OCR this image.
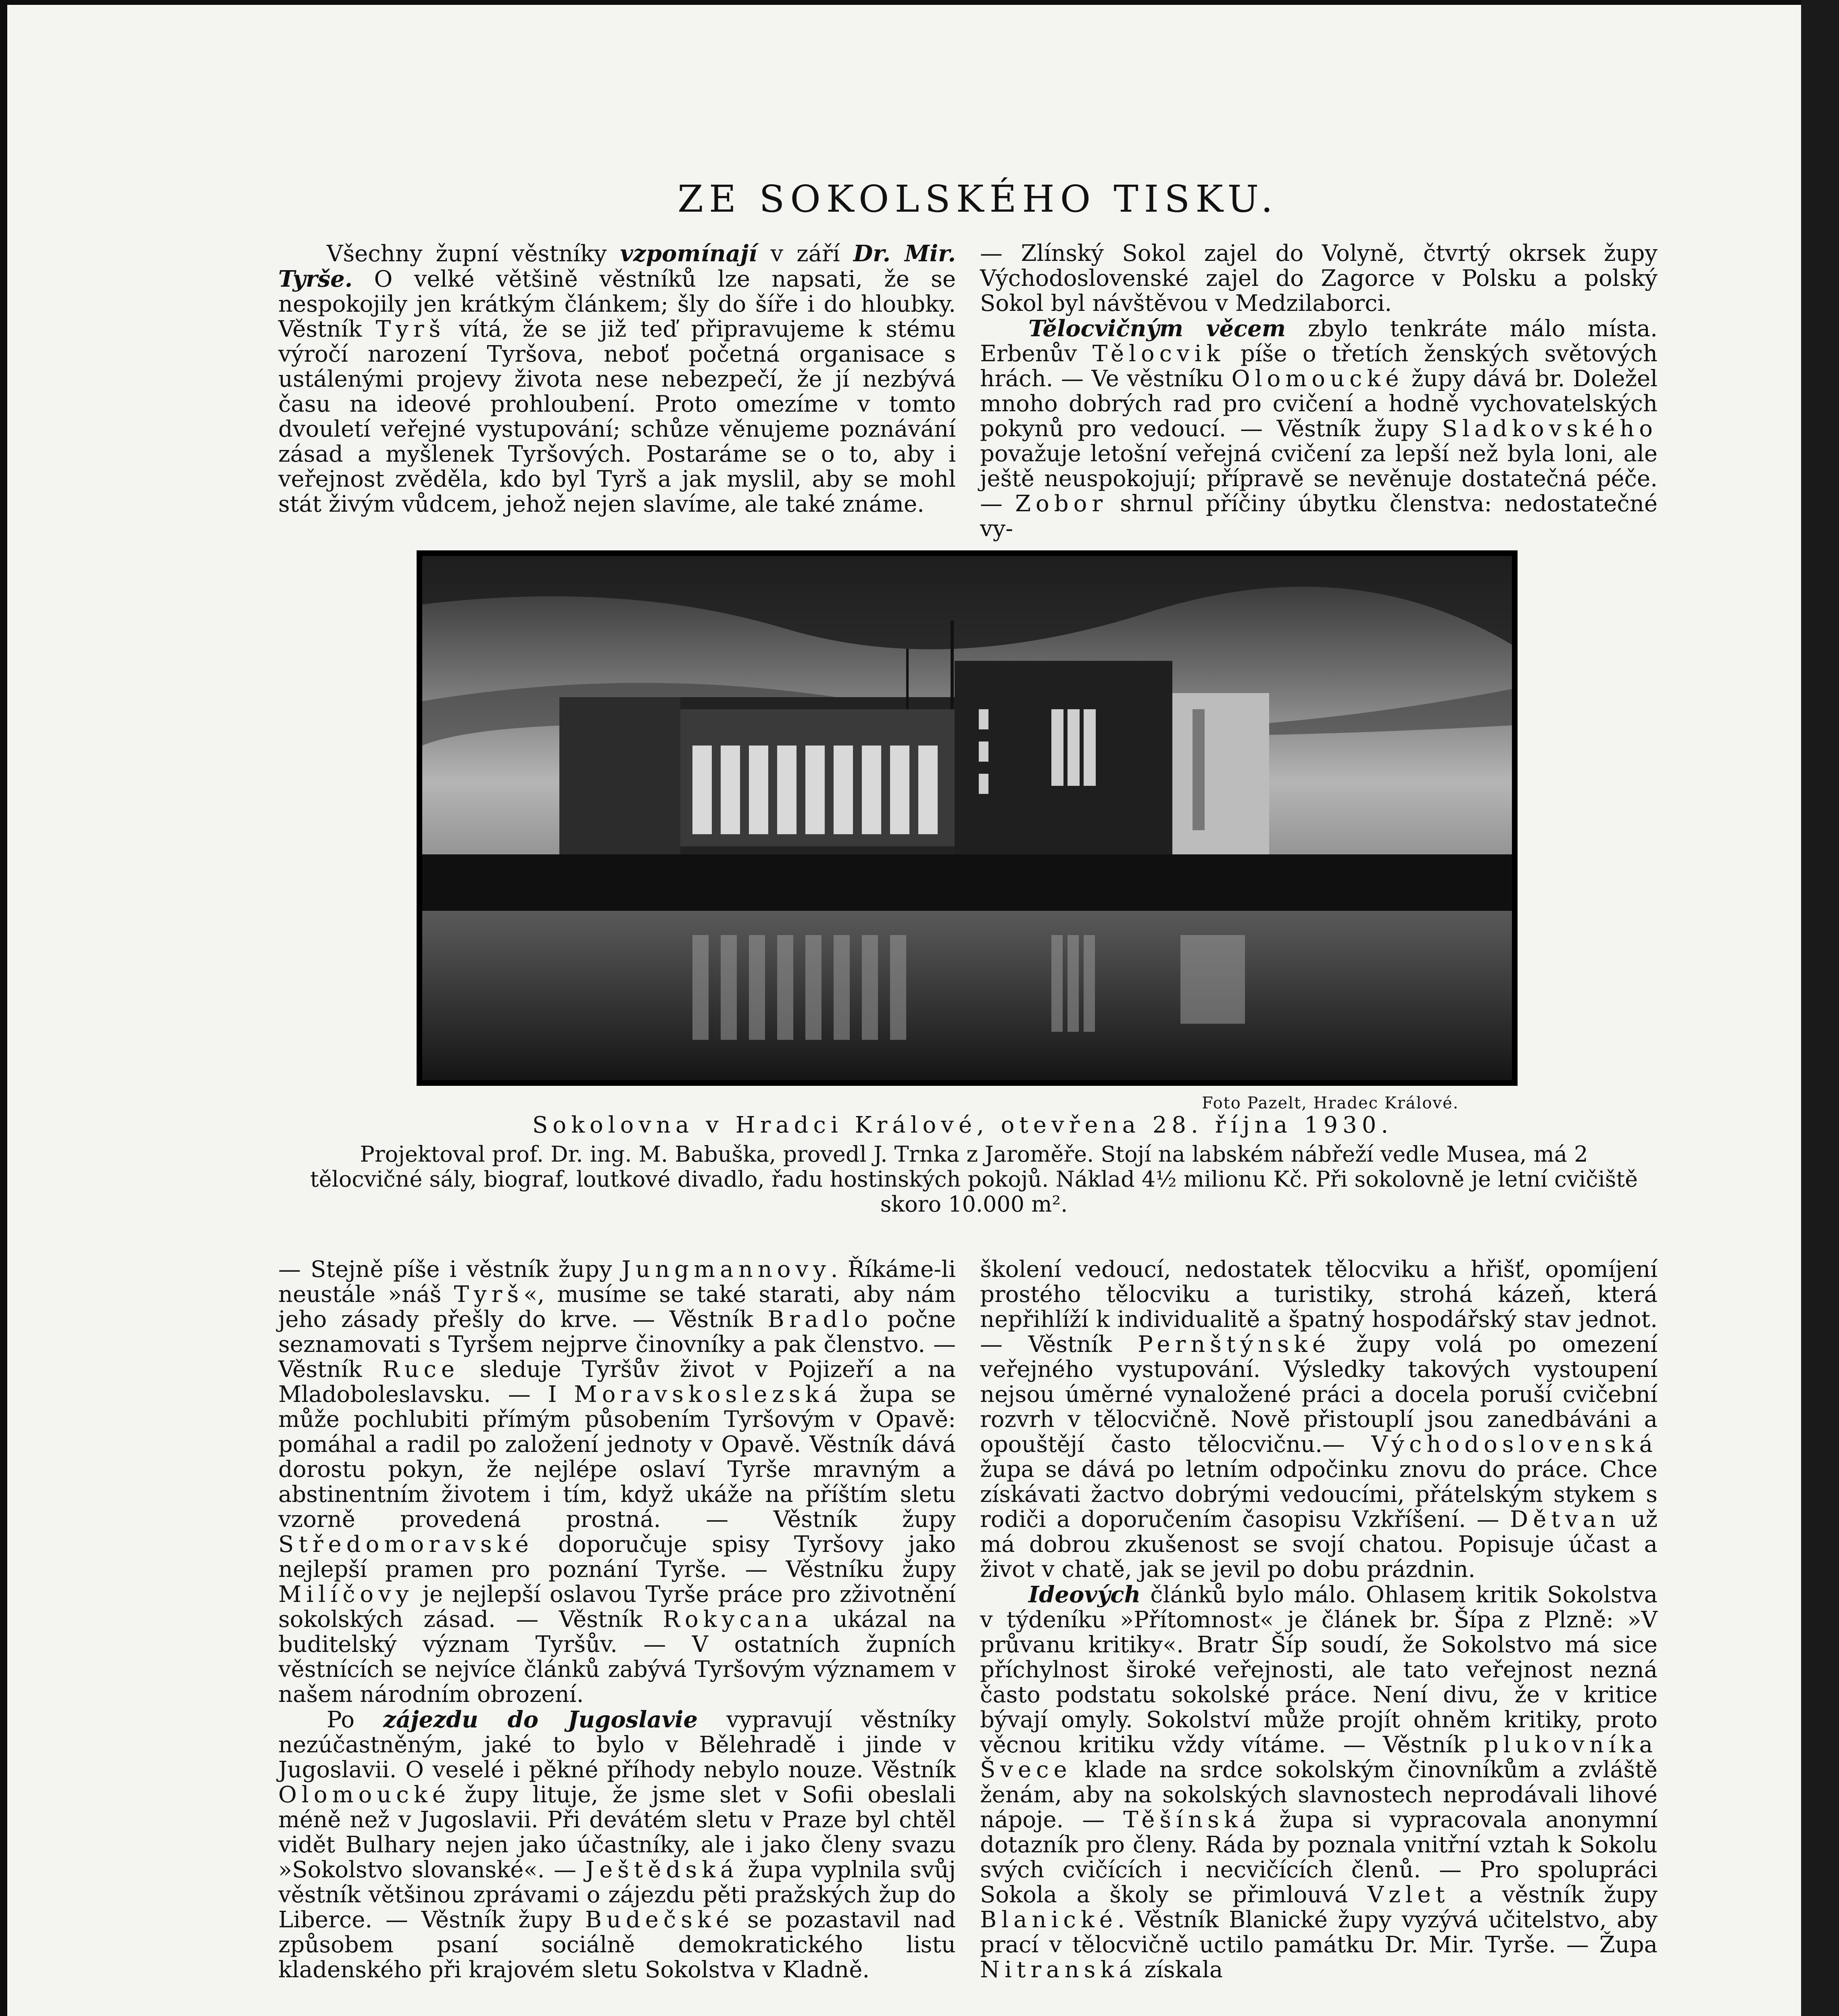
ZE SOKOLSKÉHO TISKU.

Všechny župní věstníky vzpomínají v září Dr. Mir. Tyrše. O velké většině věstníků lze napsati, že se nespokojily jen krátkým článkem; šly do šíře i do hloubky. Věstník Tyrš vítá, že se již teď připravujeme k stému výročí narození Tyršova, neboť početná organisace s ustálenými projevy života nese nebezpečí, že jí nezbývá času na ideové prohloubení. Proto omezíme v tomto dvouletí veřejné vystupování; schůze věnujeme poznávání zásad a myšlenek Tyršových. Postaráme se o to, aby i veřejnost zvěděla, kdo byl Tyrš a jak myslil, aby se mohl stát živým vůdcem, jehož nejen slavíme, ale také známe.

— Zlínský Sokol zajel do Volyně, čtvrtý okrsek župy Východoslovenské zajel do Zagorce v Polsku a polský Sokol byl návštěvou v Medzilaborci.

Tělocvičným věcem zbylo tenkráte málo místa. Erbenův Tělocvik píše o třetích ženských světových hrách. — Ve věstníku Olomoucké župy dává br. Doležel mnoho dobrých rad pro cvičení a hodně vychovatelských pokynů pro vedoucí. — Věstník župy Sladkovského považuje letošní veřejná cvičení za lepší než byla loni, ale ještě neuspokojují; přípravě se nevěnuje dostatečná péče. — Zobor shrnul příčiny úbytku členstva: nedostatečné vy-

Foto Pazelt, Hradec Králové.
Sokolovna v Hradci Králové, otevřena 28. října 1930.
Projektoval prof. Dr. ing. M. Babuška, provedl J. Trnka z Jaroměře. Stojí na labském nábřeží vedle Musea, má 2 tělocvičné sály, biograf, loutkové divadlo, řadu hostinských pokojů. Náklad 4½ milionu Kč. Při sokolovně je letní cvičiště skoro 10.000 m².

— Stejně píše i věstník župy Jungmannovy. Říkáme-li neustále »náš Tyrš«, musíme se také starati, aby nám jeho zásady přešly do krve. — Věstník Bradlo počne seznamovati s Tyršem nejprve činovníky a pak členstvo. — Věstník Ruce sleduje Tyršův život v Pojizeří a na Mladoboleslavsku. — I Moravskoslezská župa se může pochlubiti přímým působením Tyršovým v Opavě: pomáhal a radil po založení jednoty v Opavě. Věstník dává dorostu pokyn, že nejlépe oslaví Tyrše mravným a abstinentním životem i tím, když ukáže na příštím sletu vzorně provedená prostná. — Věstník župy Středomoravské doporučuje spisy Tyršovy jako nejlepší pramen pro poznání Tyrše. — Věstníku župy Milíčovy je nejlepší oslavou Tyrše práce pro zživotnění sokolských zásad. — Věstník Rokycana ukázal na buditelský význam Tyršův. — V ostatních župních věstnících se nejvíce článků zabývá Tyršovým významem v našem národním obrození.

Po zájezdu do Jugoslavie vypravují věstníky nezúčastněným, jaké to bylo v Bělehradě i jinde v Jugoslavii. O veselé i pěkné příhody nebylo nouze. Věstník Olomoucké župy lituje, že jsme slet v Sofii obeslali méně než v Jugoslavii. Při devátém sletu v Praze byl chtěl vidět Bulhary nejen jako účastníky, ale i jako členy svazu »Sokolstvo slovanské«. — Ještědská župa vyplnila svůj věstník většinou zprávami o zájezdu pěti pražských žup do Liberce. — Věstník župy Budečské se pozastavil nad způsobem psaní sociálně demokratického listu kladenského při krajovém sletu Sokolstva v Kladně.

školení vedoucí, nedostatek tělocviku a hřišť, opomíjení prostého tělocviku a turistiky, strohá kázeň, která nepřihlíží k individualitě a špatný hospodářský stav jednot. — Věstník Pernštýnské župy volá po omezení veřejného vystupování. Výsledky takových vystoupení nejsou úměrné vynaložené práci a docela poruší cvičební rozvrh v tělocvičně. Nově přistouplí jsou zanedbáváni a opouštějí často tělocvičnu.— Východoslovenská župa se dává po letním odpočinku znovu do práce. Chce získávati žactvo dobrými vedoucími, přátelským stykem s rodiči a doporučením časopisu Vzkříšení. — Dětvan už má dobrou zkušenost se svojí chatou. Popisuje účast a život v chatě, jak se jevil po dobu prázdnin.

Ideových článků bylo málo. Ohlasem kritik Sokolstva v týdeníku »Přítomnost« je článek br. Šípa z Plzně: »V průvanu kritiky«. Bratr Šíp soudí, že Sokolstvo má sice příchylnost široké veřejnosti, ale tato veřejnost nezná často podstatu sokolské práce. Není divu, že v kritice bývají omyly. Sokolství může projít ohněm kritiky, proto věcnou kritiku vždy vítáme. — Věstník plukovníka Švece klade na srdce sokolským činovníkům a zvláště ženám, aby na sokolských slavnostech neprodávali lihové nápoje. — Těšínská župa si vypracovala anonymní dotazník pro členy. Ráda by poznala vnitřní vztah k Sokolu svých cvičících i necvičících členů. — Pro spolupráci Sokola a školy se přimlouvá Vzlet a věstník župy Blanické. Věstník Blanické župy vyzývá učitelstvo, aby prací v tělocvičně uctilo památku Dr. Mir. Tyrše. — Župa Nitranská získala
